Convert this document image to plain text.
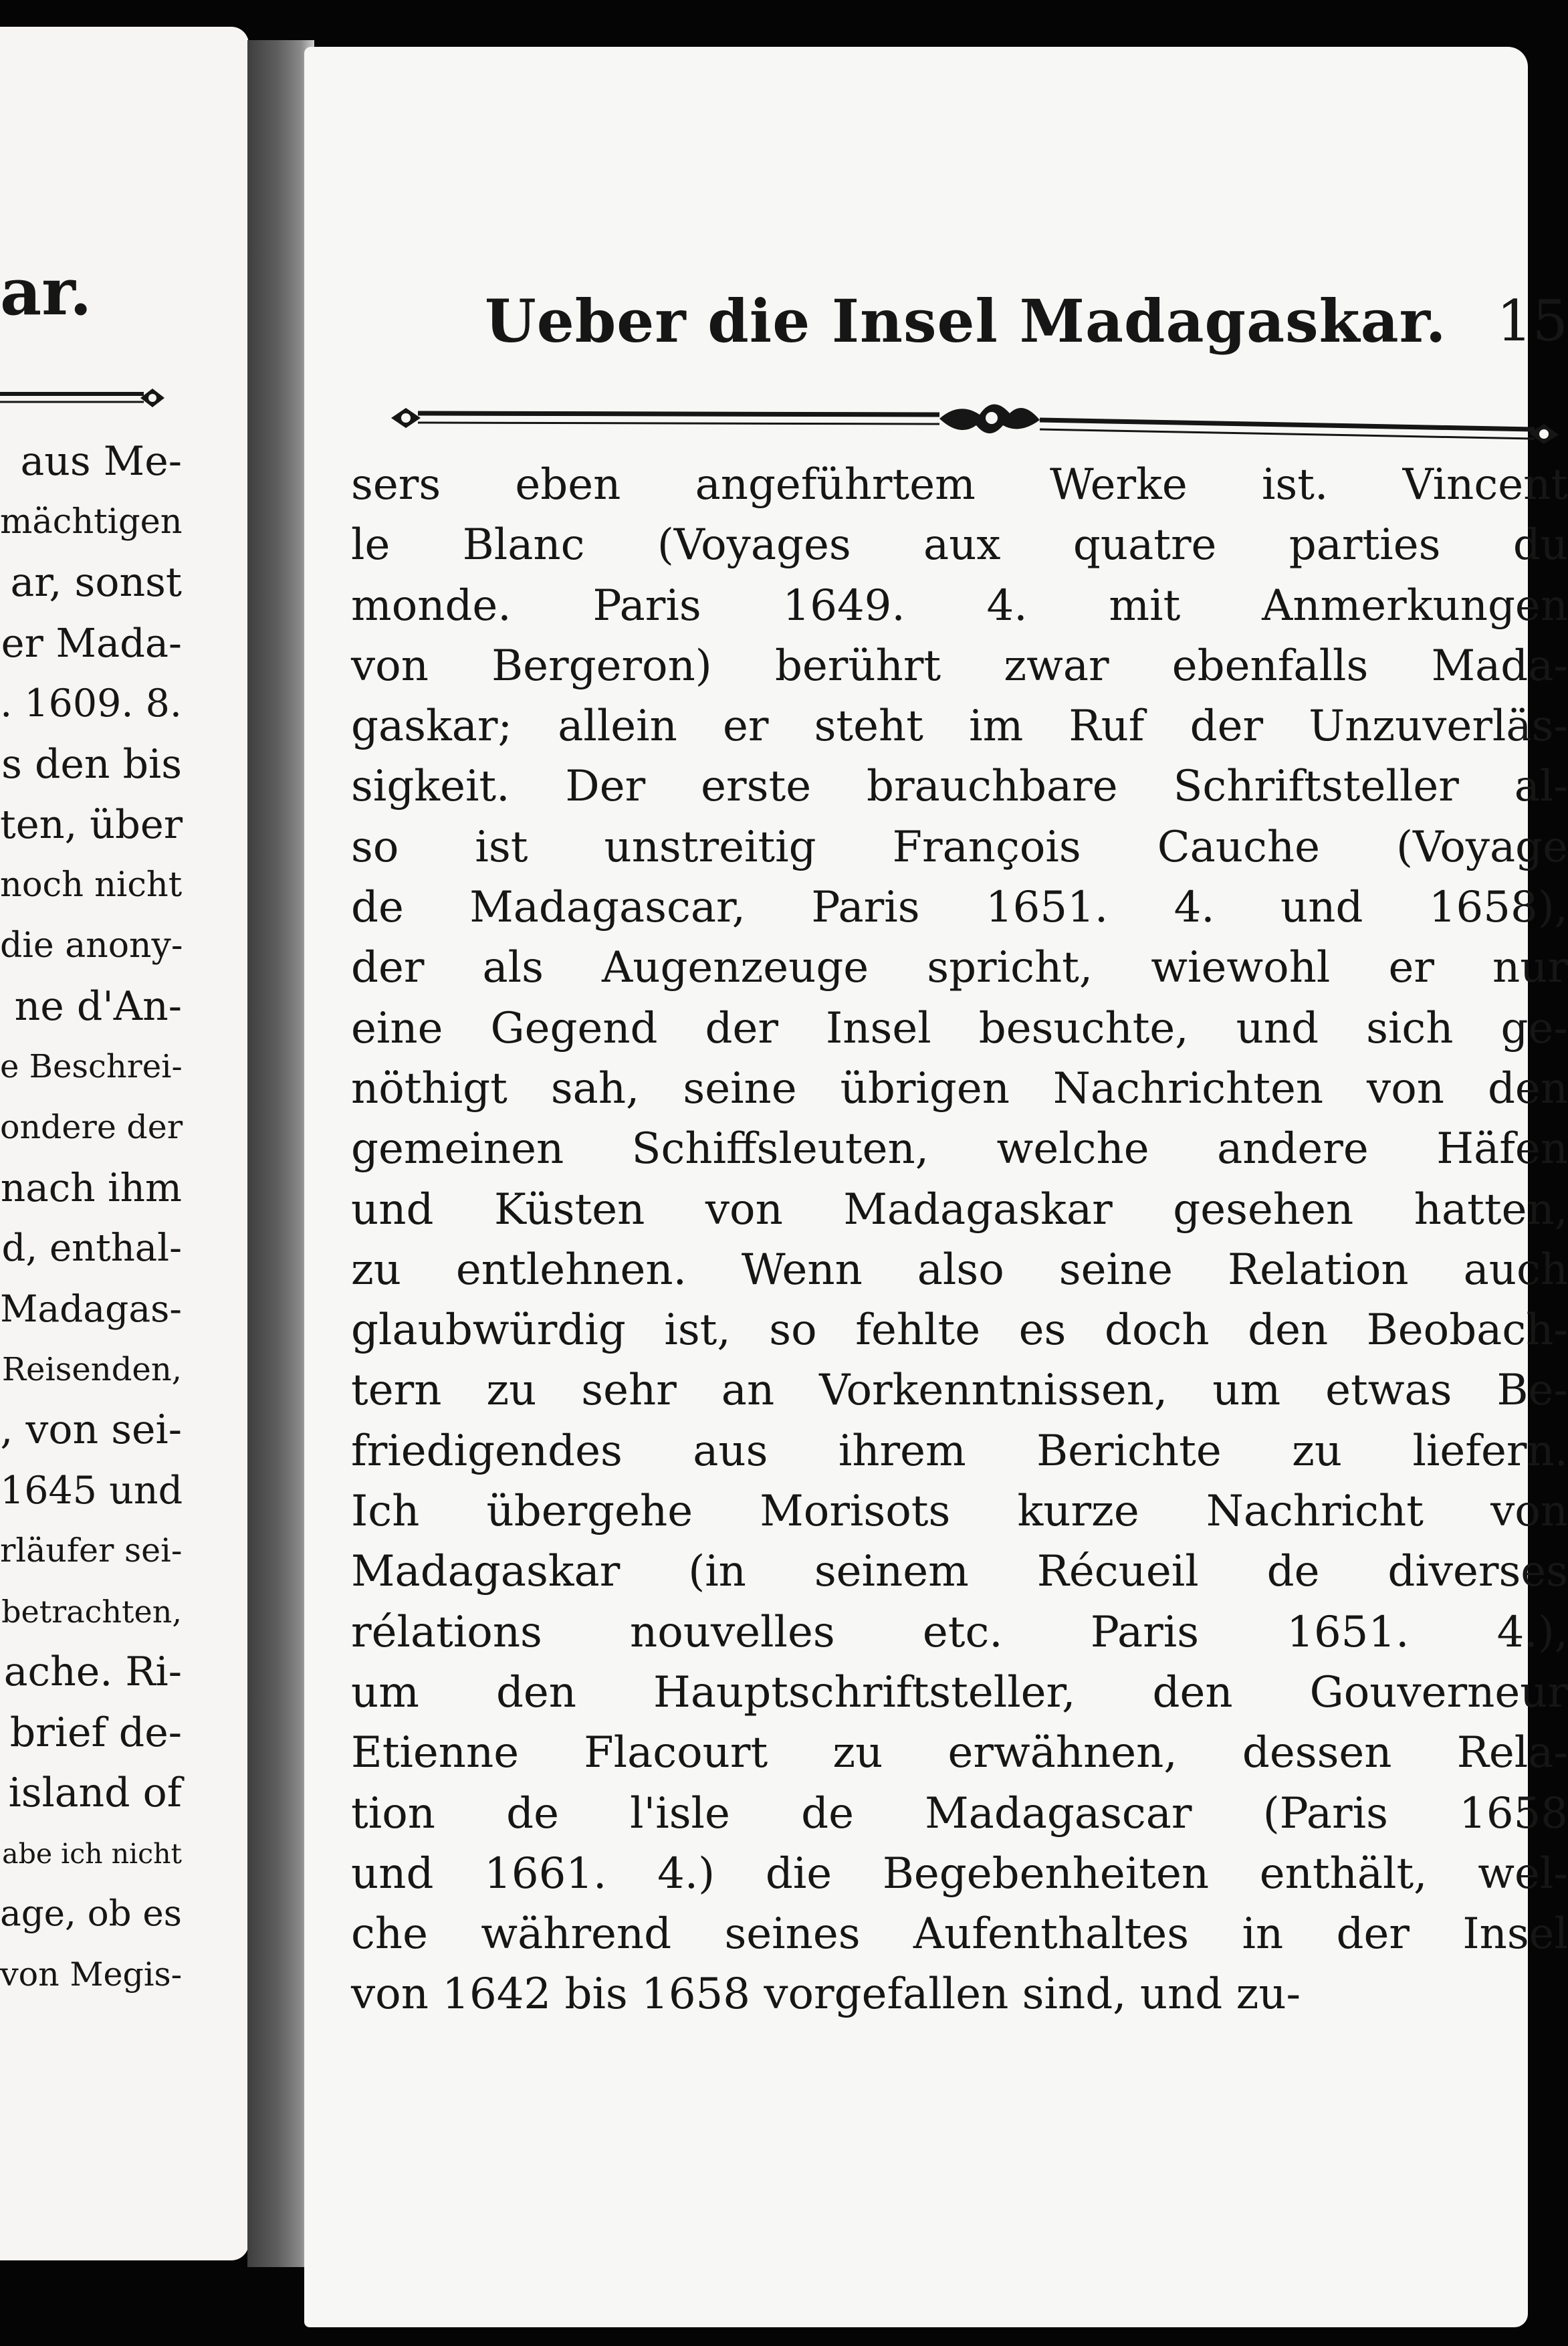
ar.
aus Me-
mächtigen
ar, sonst
er Mada-
. 1609. 8.
s den bis
ten, über
noch nicht
die anony-
ne d'An-
e Beschrei-
ondere der
nach ihm
d, enthal-
Madagas-
Reisenden,
, von sei-
1645 und
rläufer sei-
betrachten,
ache. Ri-
brief de-
island of
abe ich nicht
age, ob es
von Megis-
Ueber die Insel Madagaskar. 15
sers eben angeführtem Werke ist. Vincent
le Blanc (Voyages aux quatre parties du
monde. Paris 1649. 4. mit Anmerkungen
von Bergeron) berührt zwar ebenfalls Mada-
gaskar; allein er steht im Ruf der Unzuverläs-
sigkeit. Der erste brauchbare Schriftsteller al-
so ist unstreitig François Cauche (Voyage
de Madagascar, Paris 1651. 4. und 1658),
der als Augenzeuge spricht, wiewohl er nur
eine Gegend der Insel besuchte, und sich ge-
nöthigt sah, seine übrigen Nachrichten von den
gemeinen Schiffsleuten, welche andere Häfen
und Küsten von Madagaskar gesehen hatten,
zu entlehnen. Wenn also seine Relation auch
glaubwürdig ist, so fehlte es doch den Beobach-
tern zu sehr an Vorkenntnissen, um etwas Be-
friedigendes aus ihrem Berichte zu liefern.
Ich übergehe Morisots kurze Nachricht von
Madagaskar (in seinem Récueil de diverses
rélations nouvelles etc. Paris 1651. 4.),
um den Hauptschriftsteller, den Gouverneur
Etienne Flacourt zu erwähnen, dessen Rela-
tion de l'isle de Madagascar (Paris 1658
und 1661. 4.) die Begebenheiten enthält, wel-
che während seines Aufenthaltes in der Insel
von 1642 bis 1658 vorgefallen sind, und zu-
